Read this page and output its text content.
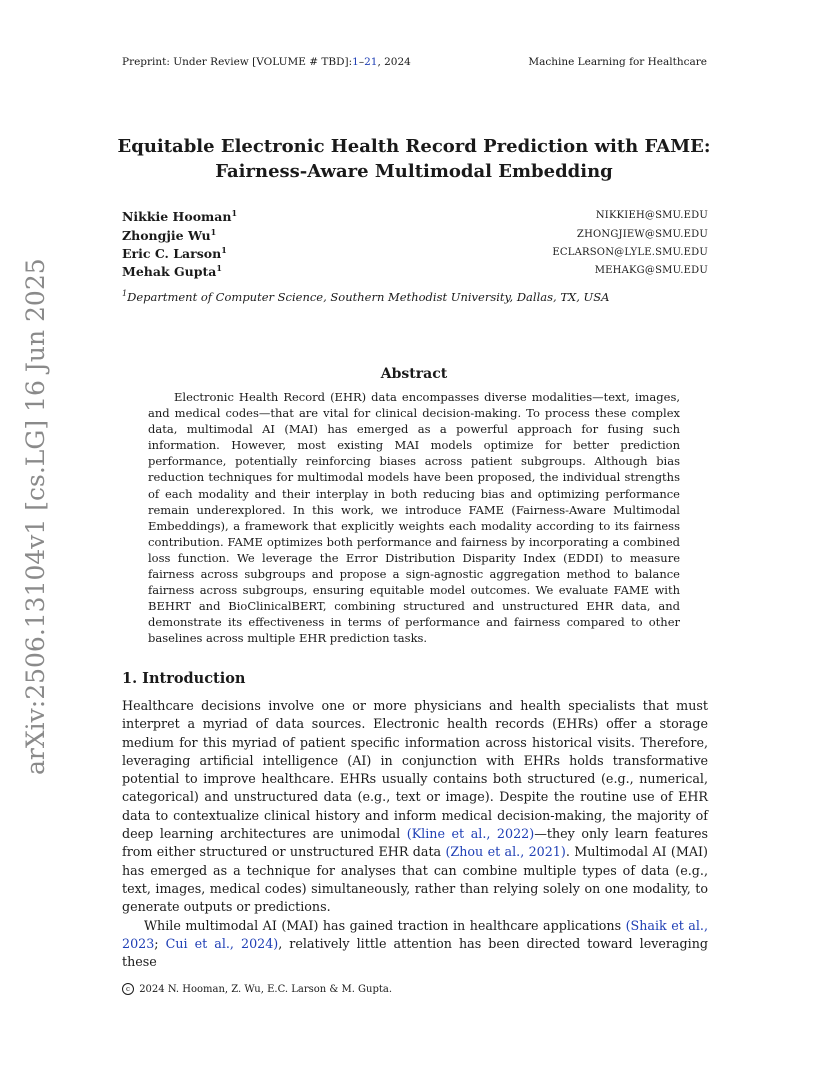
Preprint: Under Review [VOLUME # TBD]:1–21, 2024	Machine Learning for Healthcare
Equitable Electronic Health Record Prediction with FAME:
Fairness-Aware Multimodal Embedding
Nikkie Hooman$^1$	NIKKIEH@SMU.EDU
Zhongjie Wu$^1$	ZHONGJIEW@SMU.EDU
Eric C. Larson$^1$	ECLARSON@LYLE.SMU.EDU
Mehak Gupta$^1$	MEHAKG@SMU.EDU
$^1$Department of Computer Science, Southern Methodist University, Dallas, TX, USA
arXiv:2506.13104v1 [cs.LG] 16 Jun 2025	Abstract
Electronic Health Record (EHR) data encompasses diverse modalities—text, images, and medical codes—that are vital for clinical decision-making. To process these complex data, multimodal AI (MAI) has emerged as a powerful approach for fusing such information. However, most existing MAI models optimize for better prediction performance, potentially reinforcing biases across patient subgroups. Although bias reduction techniques for multimodal models have been proposed, the individual strengths of each modality and their interplay in both reducing bias and optimizing performance remain underexplored. In this work, we introduce FAME (Fairness-Aware Multimodal Embeddings), a framework that explicitly weights each modality according to its fairness contribution. FAME optimizes both performance and fairness by incorporating a combined loss function. We leverage the Error Distribution Disparity Index (EDDI) to measure fairness across subgroups and propose a sign-agnostic aggregation method to balance fairness across subgroups, ensuring equitable model outcomes. We evaluate FAME with BEHRT and BioClinicalBERT, combining structured and unstructured EHR data, and demonstrate its effectiveness in terms of performance and fairness compared to other baselines across multiple EHR prediction tasks.
1. Introduction

Healthcare decisions involve one or more physicians and health specialists that must interpret a myriad of data sources. Electronic health records (EHRs) offer a storage medium for this myriad of patient specific information across historical visits. Therefore, leveraging artificial intelligence (AI) in conjunction with EHRs holds transformative potential to improve healthcare. EHRs usually contains both structured (e.g., numerical, categorical) and unstructured data (e.g., text or image). Despite the routine use of EHR data to contextualize clinical history and inform medical decision-making, the majority of deep learning architectures are unimodal (Kline et al., 2022)—they only learn features from either structured or unstructured EHR data (Zhou et al., 2021). Multimodal AI (MAI) has emerged as a technique for analyses that can combine multiple types of data (e.g., text, images, medical codes) simultaneously, rather than relying solely on one modality, to generate outputs or predictions.

While multimodal AI (MAI) has gained traction in healthcare applications (Shaik et al., 2023; Cui et al., 2024), relatively little attention has been directed toward leveraging these

c 2024 N. Hooman, Z. Wu, E.C. Larson & M. Gupta.
